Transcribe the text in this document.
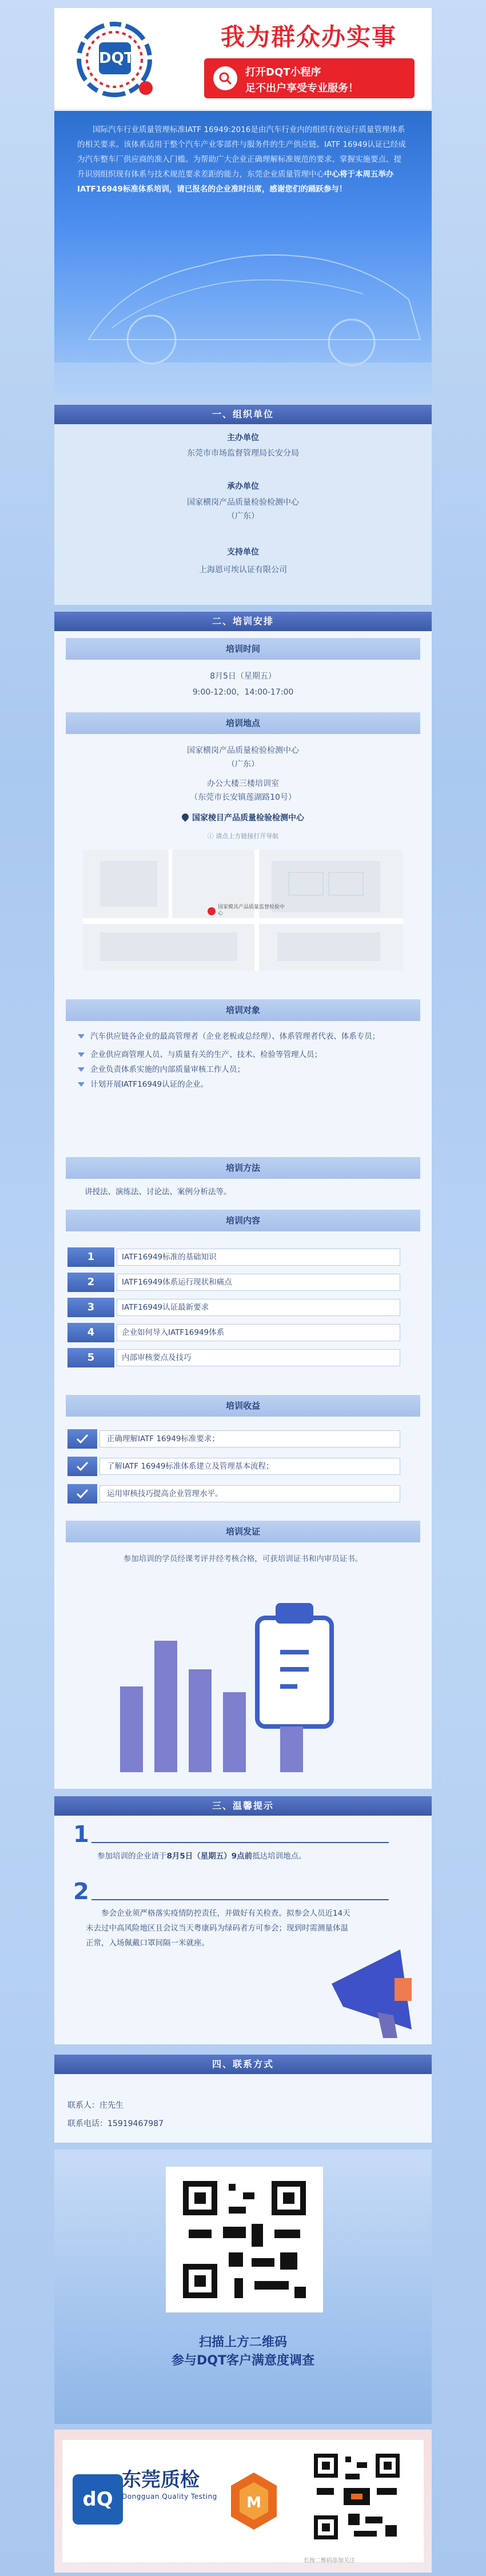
DQT
我为群众办实事
打开DQT小程序
足不出户享受专业服务！
国际汽车行业质量管理标准IATF 16949:2016是由汽车行业内的组织有效运行质量管理体系的相关要求。该体系适用于整个汽车产业零部件与服务件的生产供应链。IATF 16949认证已经成为汽车整车厂供应商的准入门槛。为帮助广大企业正确理解标准规范的要求、掌握实施要点、提升识别组织现有体系与技术规范要求差距的能力，东莞企业质量管理中心中心将于本周五举办IATF16949标准体系培训，请已报名的企业准时出席，感谢您们的踊跃参与！
一、组织单位
主办单位
东莞市市场监督管理局长安分局
承办单位
国家横岗产品质量检验检测中心
（广东）
支持单位
上海恩可埃认证有限公司
二、培训安排
培训时间
8月5日（星期五）
9:00-12:00，14:00-17:00
培训地点
国家横岗产品质量检验检测中心
（广东）
办公大楼三楼培训室
（东莞市长安镇莲湖路10号）
国家棱目产品质量检验检测中心
ⓘ 请点上方链接打开导航
国家模具产品质量监督检验中心
培训对象
汽车供应链各企业的最高管理者（企业老板或总经理）、体系管理者代表、体系专员；
企业供应商管理人员、与质量有关的生产、技术、检验等管理人员；
企业负责体系实施的内部质量审核工作人员；
计划开展IATF16949认证的企业。
培训方法
讲授法、演练法、讨论法、案例分析法等。
培训内容
1	IATF16949标准的基础知识
2	IATF16949体系运行现状和痛点
3	IATF16949认证最新要求
4	企业如何导入IATF16949体系
5	内部审核要点及技巧
培训收益
正确理解IATF 16949标准要求；
了解IATF 16949标准体系建立及管理基本流程；
运用审核技巧提高企业管理水平。
培训发证
参加培训的学员经课考评并经考核合格，可获培训证书和内审员证书。
三、温馨提示
1
参加培训的企业请于8月5日（星期五）9点前抵达培训地点。
2
参会企业须严格落实疫情防控责任，并做好有关检查。拟参会人员近14天未去过中高风险地区且会议当天粤康码为绿码者方可参会；现到时需测量体温正常，入场佩戴口罩间隔一米就座。
四、联系方式
联系人：庄先生
联系电话：15919467987
扫描上方二维码
参与DQT客户满意度调查
dQ
东莞质检
Dongguan Quality Testing M
长按二维码添加关注
